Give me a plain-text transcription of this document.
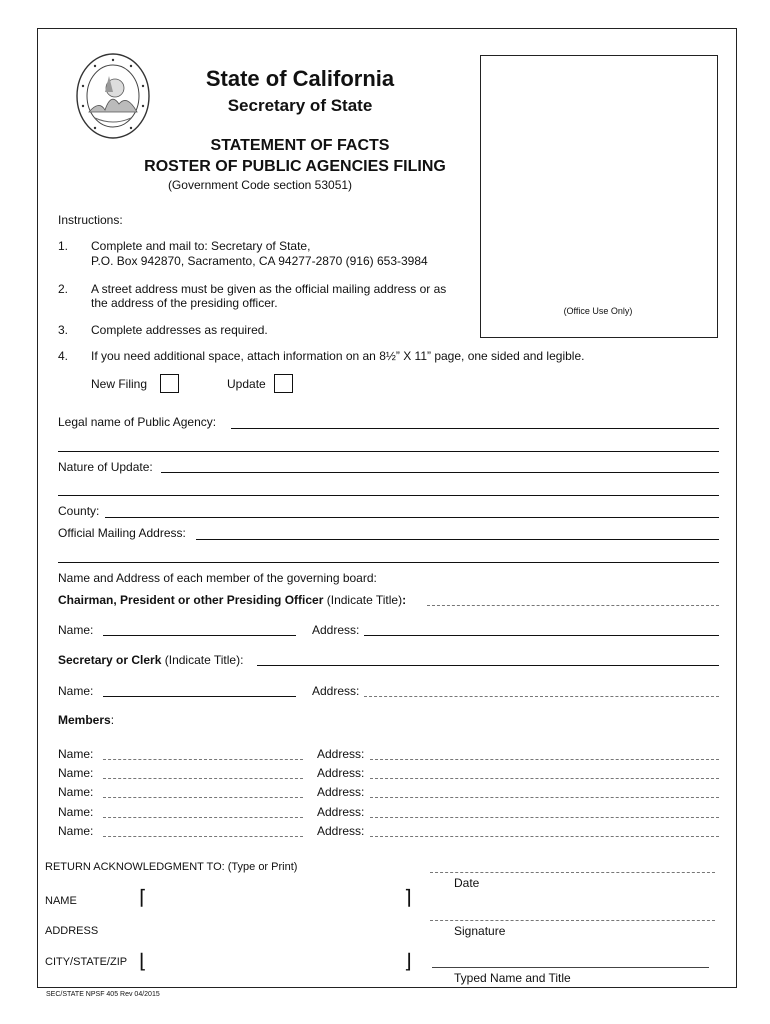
State of California
Secretary of State
STATEMENT OF FACTS
ROSTER OF PUBLIC AGENCIES FILING
(Government Code section 53051)
(Office Use Only)
Instructions:
1. Complete and mail to: Secretary of State,
P.O. Box 942870, Sacramento, CA 94277-2870 (916) 653-3984
2. A street address must be given as the official mailing address or as
the address of the presiding officer.
3. Complete addresses as required.
4. If you need additional space, attach information on an 8½” X 11” page, one sided and legible.
New Filing	Update
Legal name of Public Agency:
Nature of Update:
County:
Official Mailing Address:
Name and Address of each member of the governing board:
Chairman, President or other Presiding Officer (Indicate Title):
Name:	Address:
Secretary or Clerk (Indicate Title):
Name:	Address:
Members:
Name:	Address:
Name:	Address:
Name:	Address:
Name:	Address:
Name:	Address:
RETURN ACKNOWLEDGMENT TO: (Type or Print)
NAME
ADDRESS
CITY/STATE/ZIP
⌈	⌉
⌊	⌋
Date
Signature
Typed Name and Title
SEC/STATE NPSF 405 Rev 04/2015
